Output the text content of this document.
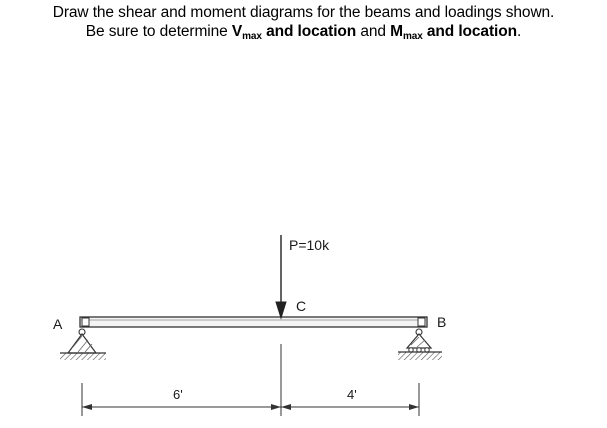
Draw the shear and moment diagrams for the beams and loadings shown.
Be sure to determine $V_{max}$ and location and $M_{max}$ and location.
A	B
C
P=10k
6'	4'
